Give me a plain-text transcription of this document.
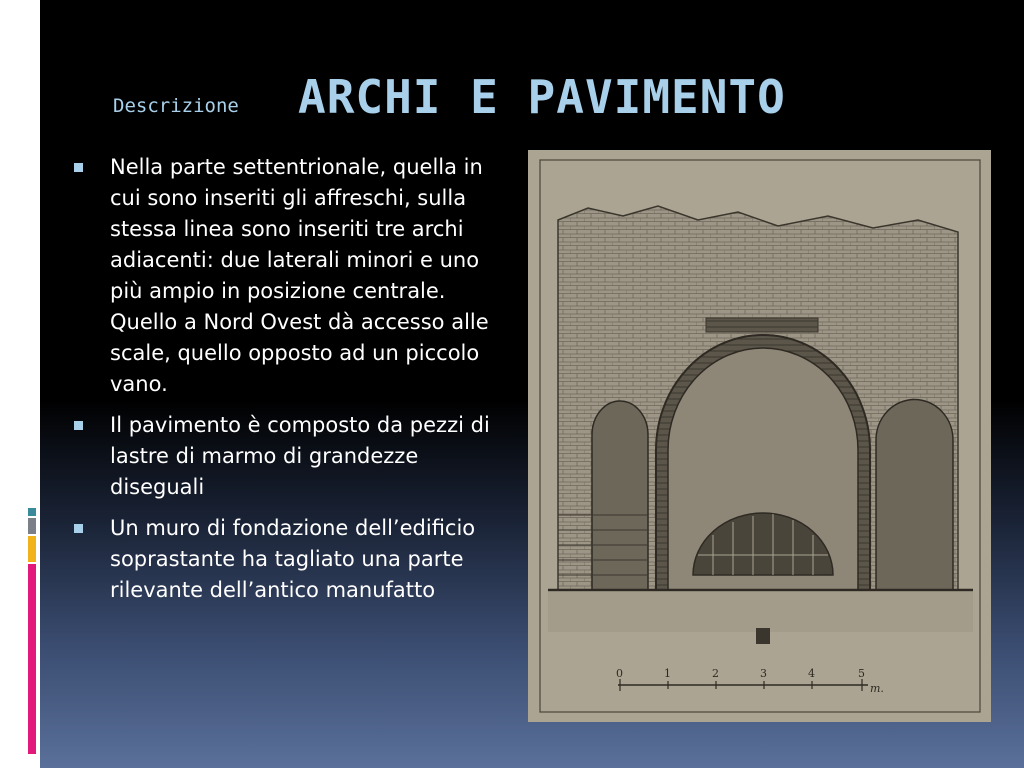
Descrizione ARCHI E PAVIMENTO
Nella parte settentrionale, quella in cui sono inseriti gli affreschi, sulla stessa linea sono inseriti tre archi adiacenti: due laterali minori e uno più ampio in posizione centrale. Quello a Nord Ovest dà accesso alle scale, quello opposto ad un piccolo vano.
Il pavimento è composto da pezzi di lastre di marmo di grandezze diseguali
Un muro di fondazione dell’edificio soprastante ha tagliato una parte rilevante dell’antico manufatto
0	1	2	3	4	5
m.
